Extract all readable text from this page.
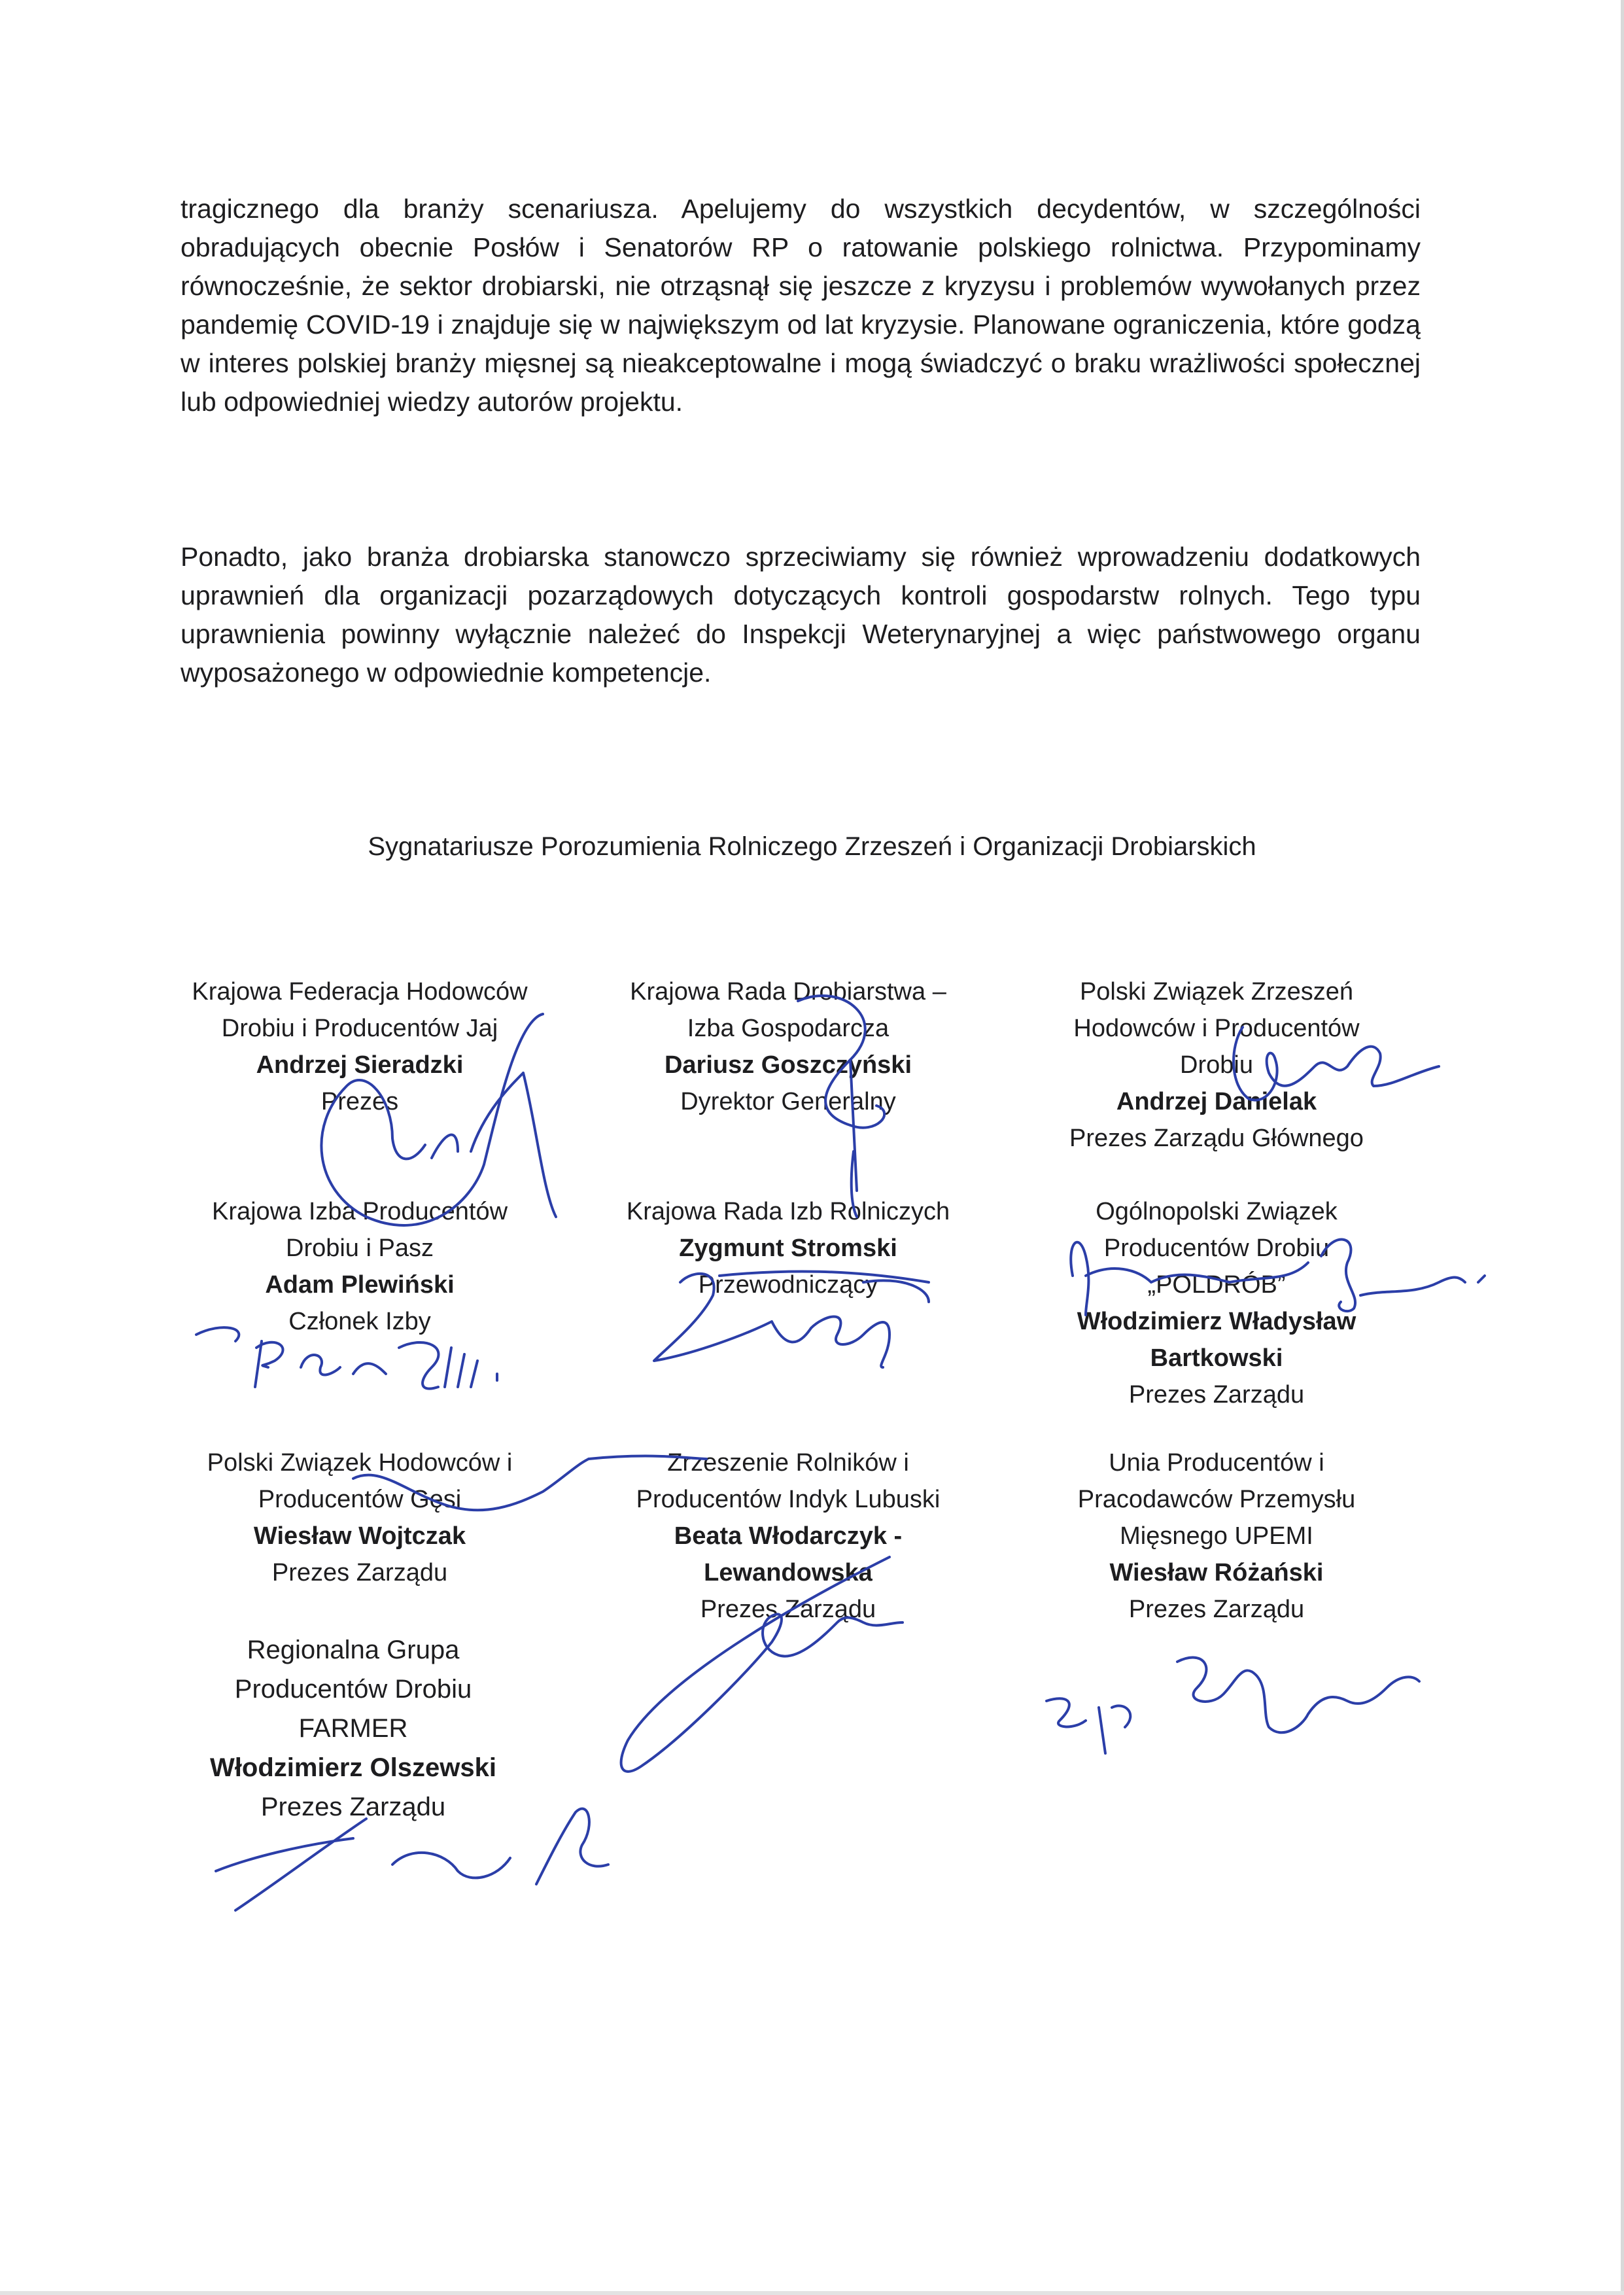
tragicznego dla branży scenariusza. Apelujemy do wszystkich decydentów, w szczególności obradujących obecnie Posłów i Senatorów RP o ratowanie polskiego rolnictwa. Przypominamy równocześnie, że sektor drobiarski, nie otrząsnął się jeszcze z kryzysu i problemów wywołanych przez pandemię COVID-19 i znajduje się w największym od lat kryzysie. Planowane ograniczenia, które godzą w interes polskiej branży mięsnej są nieakceptowalne i mogą świadczyć o braku wrażliwości społecznej lub odpowiedniej wiedzy autorów projektu.

Ponadto, jako branża drobiarska stanowczo sprzeciwiamy się również wprowadzeniu dodatkowych uprawnień dla organizacji pozarządowych dotyczących kontroli gospodarstw rolnych. Tego typu uprawnienia powinny wyłącznie należeć do Inspekcji Weterynaryjnej a więc państwowego organu wyposażonego w odpowiednie kompetencje.

Sygnatariusze Porozumienia Rolniczego Zrzeszeń i Organizacji Drobiarskich
Krajowa Federacja Hodowców
Drobiu i Producentów Jaj
Andrzej Sieradzki
Prezes
Krajowa Rada Drobiarstwa –
Izba Gospodarcza
Dariusz Goszczyński
Dyrektor Generalny
Polski Związek Zrzeszeń
Hodowców i Producentów
Drobiu
Andrzej Danielak
Prezes Zarządu Głównego
Krajowa Izba Producentów
Drobiu i Pasz
Adam Plewiński
Członek Izby
Krajowa Rada Izb Rolniczych
Zygmunt Stromski
Przewodniczący
Ogólnopolski Związek
Producentów Drobiu
„POLDRÓB”
Włodzimierz Władysław
Bartkowski
Prezes Zarządu
Polski Związek Hodowców i
Producentów Gęsi
Wiesław Wojtczak
Prezes Zarządu
Zrzeszenie Rolników i
Producentów Indyk Lubuski
Beata Włodarczyk -
Lewandowska
Prezes Zarządu
Unia Producentów i
Pracodawców Przemysłu
Mięsnego UPEMI
Wiesław Różański
Prezes Zarządu
Regionalna Grupa
Producentów Drobiu
FARMER
Włodzimierz Olszewski
Prezes Zarządu
